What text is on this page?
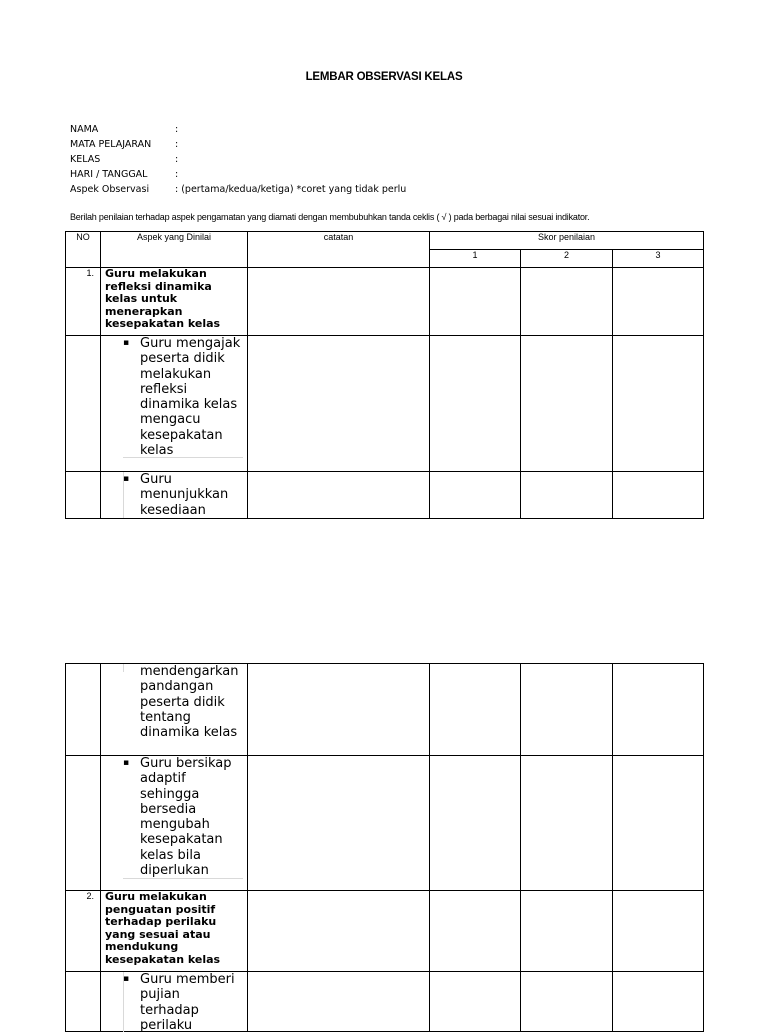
LEMBAR OBSERVASI KELAS
NAMA	:
MATA PELAJARAN	:
KELAS	:
HARI / TANGGAL	:
Aspek Observasi	: (pertama/kedua/ketiga) *coret yang tidak perlu
Berilah penilaian terhadap aspek pengamatan yang diamati dengan membubuhkan tanda ceklis ( √ ) pada berbagai nilai sesuai indikator.
NO	Aspek yang Dinilai	catatan	Skor penilaian		
			1	2	3
1.	Guru melakukan refleksi dinamika kelas untuk menerapkan kesepakatan kelas				

	▪ Guru mengajak peserta didik melakukan refleksi dinamika kelas mengacu kesepakatan kelas				

	▪ Guru menunjukkan kesediaan				

	mendengarkan pandangan peserta didik tentang dinamika kelas				

	▪ Guru bersikap adaptif sehingga bersedia mengubah kesepakatan kelas bila diperlukan				

2.	Guru melakukan penguatan positif terhadap perilaku yang sesuai atau mendukung kesepakatan kelas				

	▪ Guru memberi pujian terhadap perilaku				
